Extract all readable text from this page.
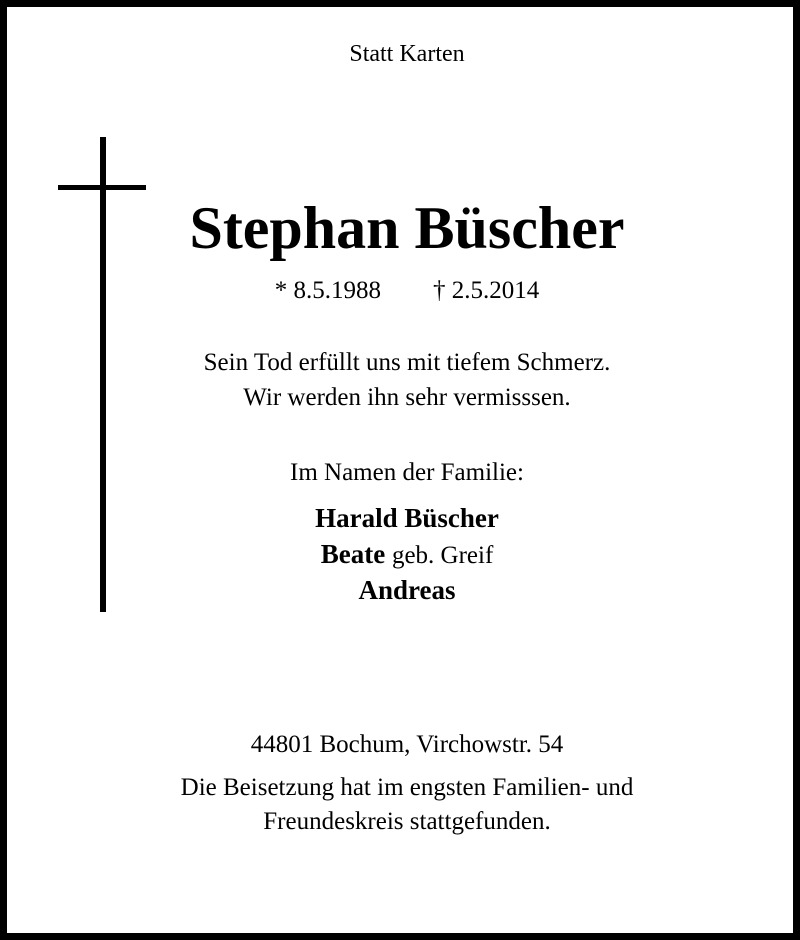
Statt Karten
Stephan Büscher
* 8.5.1988 † 2.5.2014
Sein Tod erfüllt uns mit tiefem Schmerz.
Wir werden ihn sehr vermisssen.
Im Namen der Familie:
Harald Büscher
Beate geb. Greif
Andreas
44801 Bochum, Virchowstr. 54
Die Beisetzung hat im engsten Familien- und
Freundeskreis stattgefunden.
